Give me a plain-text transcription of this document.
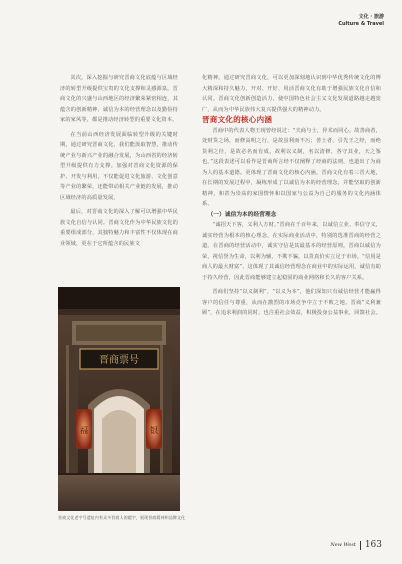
文化 · 旅游
Culture & Travel

其次，深入挖掘与研究晋商文化底蕴与区域经济的转型升级提供宝贵的文化支撑和灵感源泉。晋商文化的兴盛与山西地区的经济繁荣紧密相连，其蕴含的创新精神、诚信为本的经营理念以及勤俭持家的家风等，都是推动经济转型的重要文化资本。

在当前山西经济发展面临转型升级的关键时期，通过研究晋商文化，我们能汲取智慧，推动传统产业与新兴产业的融合发展，为山西省的经济转型升级提供有力支撑。加强对晋商文化资源的保护、开发与利用，不仅能促进文化旅游、文化创意等产业的繁荣，还能带动相关产业链的发展，推动区域经济的高质量发展。

最后，对晋商文化的深入了解可以增强中华民族文化自信与认同。晋商文化作为中华民族文化的重要组成部分，其独特魅力和丰富性不仅体现在商业领域，更在于它所蕴含的民族文

晋商票号
福	银
晋商文化老字号遗址内有众多晋商人的题字，展现晋商精神和品牌文化

化精神。通过研究晋商文化，可以更加深刻地认识到中华优秀传统文化的博大精深和持久魅力，开对、开好、用活晋商文化有助于增强民族文化自信和认同。晋商文化创新创造活力，使中国特色社会主义文化发展道路越走越宽广，从而为中华民族伟大复兴提供强大的精神动力。

晋商文化的核心内涵

晋商中的代表人物王现曾经说过：“夫商与士，异术而同心。故善商者，处财货之场，而修高明之行，是故虽利而不污；善士者，引先王之经，而绝货利之径，是故必名而有成。故利以义制，名以清修，各守其业，天之鉴也。”这段表述可以看作是晋商所言经不仅阐释了经商的法则，也道出了为商为人的基本道德。更体现了晋商文化的核心内涵。晋商文化有着三晋大地，在长期的发展过程中，凝练形成了以诚信为本的经营理念，并能坚取的创新精神，和甚为崇高的家国情怀和以国家与公益为自己的服务的文化内涵体系。

（一）诚信为本的经营理念

“诚招天下客，义利人方财。”晋商在千百年来，以诚信立业、奉信守义，诚实经营为根本的核心理念，在实际商业活动中，特别的选准晋商的经营之道。在晋商的经营活动中，诚实守信是其最基本的经营原则。晋商以诚信为荣，视信誉为生命，以利为辅，不欺不骗，以货真价实立足于市场。“信用是商人的最大财富”，这体现了其诚信经营理念在商业中的实际运用，诚信有助于持久经营，因此晋商能够建立起稳固的商业网络和长久的客户关系。

晋商们坚持“以义制利”，“以义为本”，他们深知只有诚信经营才能赢得客户的信任与尊重，从而在激烈的市场竞争中立于不败之地。晋商“义利兼顾”，在追求利润的同时，也注重社会效益，积极投身公益事业，回馈社会。

New West 163
